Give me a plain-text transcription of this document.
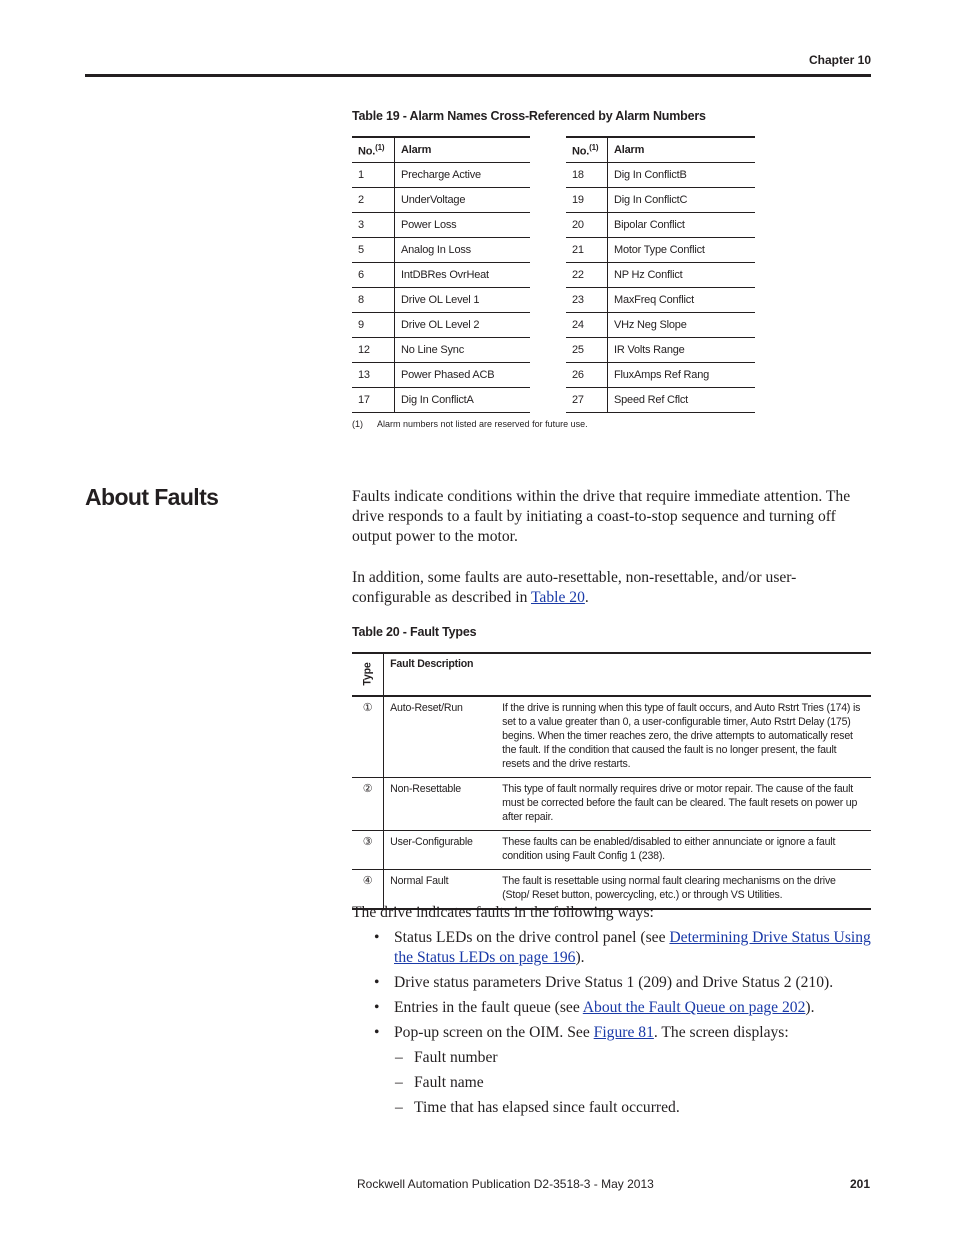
Chapter 10
Table 19 - Alarm Names Cross-Referenced by Alarm Numbers
No.$^{(1)}$	Alarm
1	Precharge Active
2	UnderVoltage
3	Power Loss
5	Analog In Loss
6	IntDBRes OvrHeat
8	Drive OL Level 1
9	Drive OL Level 2
12	No Line Sync
13	Power Phased ACB
17	Dig In ConflictA
No.$^{(1)}$	Alarm
18	Dig In ConflictB
19	Dig In ConflictC
20	Bipolar Conflict
21	Motor Type Conflict
22	NP Hz Conflict
23	MaxFreq Conflict
24	VHz Neg Slope
25	IR Volts Range
26	FluxAmps Ref Rang
27	Speed Ref Cflct
(1) Alarm numbers not listed are reserved for future use.
About Faults	Faults indicate conditions within the drive that require immediate attention. The drive responds to a fault by initiating a coast-to-stop sequence and turning off output power to the motor.
In addition, some faults are auto-resettable, non-resettable, and/or user-configurable as described in Table 20.
Table 20 - Fault Types
Type	Fault Description	
①	Auto-Reset/Run	If the drive is running when this type of fault occurs, and Auto Rstrt Tries (174) is set to a value greater than 0, a user-configurable timer, Auto Rstrt Delay (175) begins. When the timer reaches zero, the drive attempts to automatically reset the fault. If the condition that caused the fault is no longer present, the fault resets and the drive restarts.
②	Non-Resettable	This type of fault normally requires drive or motor repair. The cause of the fault must be corrected before the fault can be cleared. The fault resets on power up after repair.
③	User-Configurable	These faults can be enabled/disabled to either annunciate or ignore a fault condition using Fault Config 1 (238).
④	Normal Fault	The fault is resettable using normal fault clearing mechanisms on the drive (Stop/ Reset button, powercycling, etc.) or through VS Utilities.
The drive indicates faults in the following ways:
• Status LEDs on the drive control panel (see Determining Drive Status Using the Status LEDs on page 196).
• Drive status parameters Drive Status 1 (209) and Drive Status 2 (210).
• Entries in the fault queue (see About the Fault Queue on page 202).
• Pop-up screen on the OIM. See Figure 81. The screen displays:
– Fault number
– Fault name
– Time that has elapsed since fault occurred.
Rockwell Automation Publication D2-3518-3 - May 2013	201
